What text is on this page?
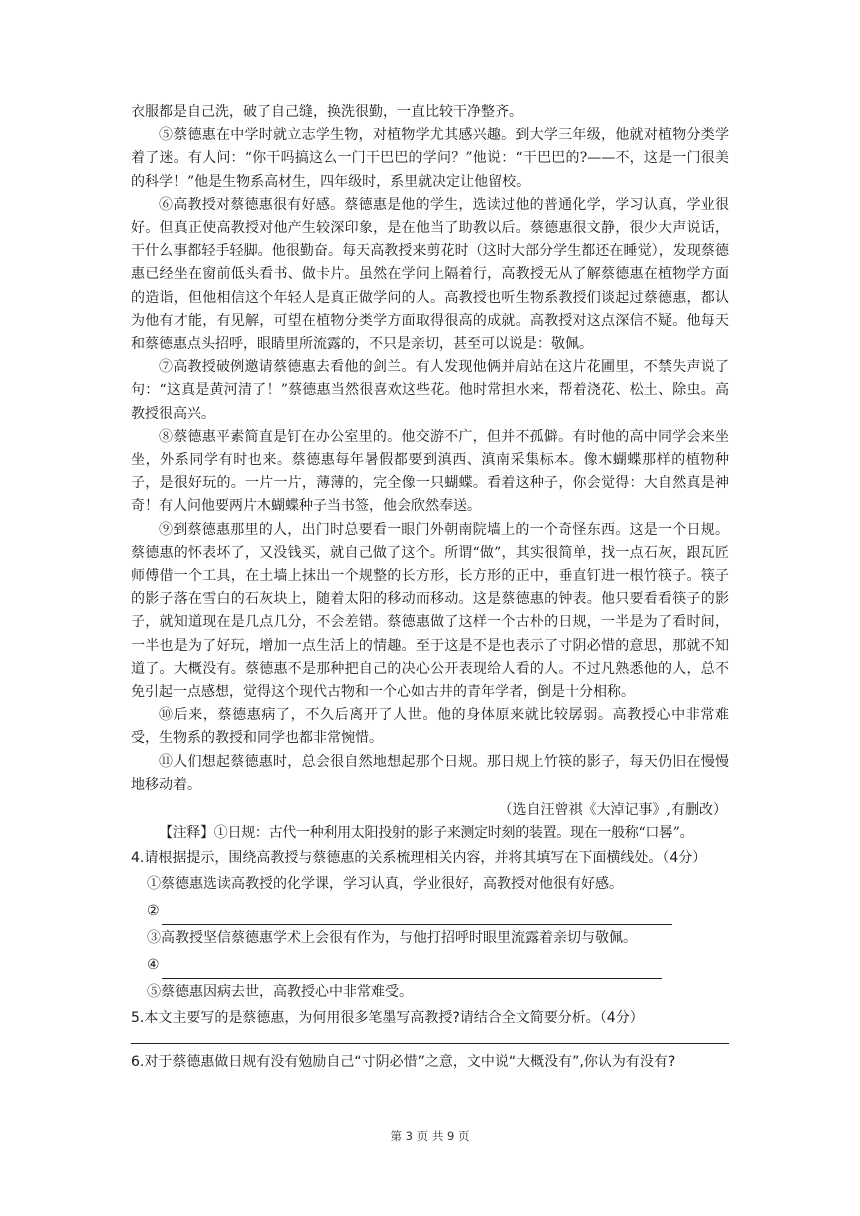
衣服都是自己洗，破了自己缝，换洗很勤，一直比较干净整齐。

⑤蔡德惠在中学时就立志学生物，对植物学尤其感兴趣。到大学三年级，他就对植物分类学着了迷。有人问：“你干吗搞这么一门干巴巴的学问？”他说：“干巴巴的?——不，这是一门很美的科学！”他是生物系高材生，四年级时，系里就决定让他留校。

⑥高教授对蔡德惠很有好感。蔡德惠是他的学生，选读过他的普通化学，学习认真，学业很好。但真正使高教授对他产生较深印象，是在他当了助教以后。蔡德惠很文静，很少大声说话，干什么事都轻手轻脚。他很勤奋。每天高教授来剪花时（这时大部分学生都还在睡觉），发现蔡德惠已经坐在窗前低头看书、做卡片。虽然在学问上隔着行，高教授无从了解蔡德惠在植物学方面的造诣，但他相信这个年轻人是真正做学问的人。高教授也听生物系教授们谈起过蔡德惠，都认为他有才能，有见解，可望在植物分类学方面取得很高的成就。高教授对这点深信不疑。他每天和蔡德惠点头招呼，眼睛里所流露的，不只是亲切，甚至可以说是：敬佩。

⑦高教授破例邀请蔡德惠去看他的剑兰。有人发现他俩并肩站在这片花圃里，不禁失声说了句：“这真是黄河清了！”蔡德惠当然很喜欢这些花。他时常担水来，帮着浇花、松土、除虫。高教授很高兴。

⑧蔡德惠平素简直是钉在办公室里的。他交游不广，但并不孤僻。有时他的高中同学会来坐坐，外系同学有时也来。蔡德惠每年暑假都要到滇西、滇南采集标本。像木蝴蝶那样的植物种子，是很好玩的。一片一片，薄薄的，完全像一只蝴蝶。看着这种子，你会觉得：大自然真是神奇！有人问他要两片木蝴蝶种子当书签，他会欣然奉送。

⑨到蔡德惠那里的人，出门时总要看一眼门外朝南院墙上的一个奇怪东西。这是一个日规。蔡德惠的怀表坏了，又没钱买，就自己做了这个。所谓“做”，其实很简单，找一点石灰，跟瓦匠师傅借一个工具，在土墙上抹出一个规整的长方形，长方形的正中，垂直钉进一根竹筷子。筷子的影子落在雪白的石灰块上，随着太阳的移动而移动。这是蔡德惠的钟表。他只要看看筷子的影子，就知道现在是几点几分，不会差错。蔡德惠做了这样一个古朴的日规，一半是为了看时间，一半也是为了好玩，增加一点生活上的情趣。至于这是不是也表示了寸阴必惜的意思，那就不知道了。大概没有。蔡德惠不是那种把自己的决心公开表现给人看的人。不过凡熟悉他的人，总不免引起一点感想，觉得这个现代古物和一个心如古井的青年学者，倒是十分相称。

⑩后来，蔡德惠病了，不久后离开了人世。他的身体原来就比较孱弱。高教授心中非常难受，生物系的教授和同学也都非常惋惜。

⑪人们想起蔡德惠时，总会很自然地想起那个日规。那日规上竹筷的影子，每天仍旧在慢慢地移动着。

（选自汪曾祺《大淖记事》,有删改）

【注释】①日规：古代一种利用太阳投射的影子来测定时刻的装置。现在一般称“口晷”。

4.请根据提示，围绕高教授与蔡德惠的关系梳理相关内容，并将其填写在下面横线处。（4分）

①蔡德惠选读高教授的化学课，学习认真，学业很好，高教授对他很有好感。

②

③高教授坚信蔡德惠学术上会很有作为，与他打招呼时眼里流露着亲切与敬佩。

④

⑤蔡德惠因病去世，高教授心中非常难受。

5.本文主要写的是蔡德惠，为何用很多笔墨写高教授?请结合全文简要分析。（4分）

6.对于蔡德惠做日规有没有勉励自己“寸阴必惜”之意，文中说“大概没有”,你认为有没有?

第 3 页 共 9 页
